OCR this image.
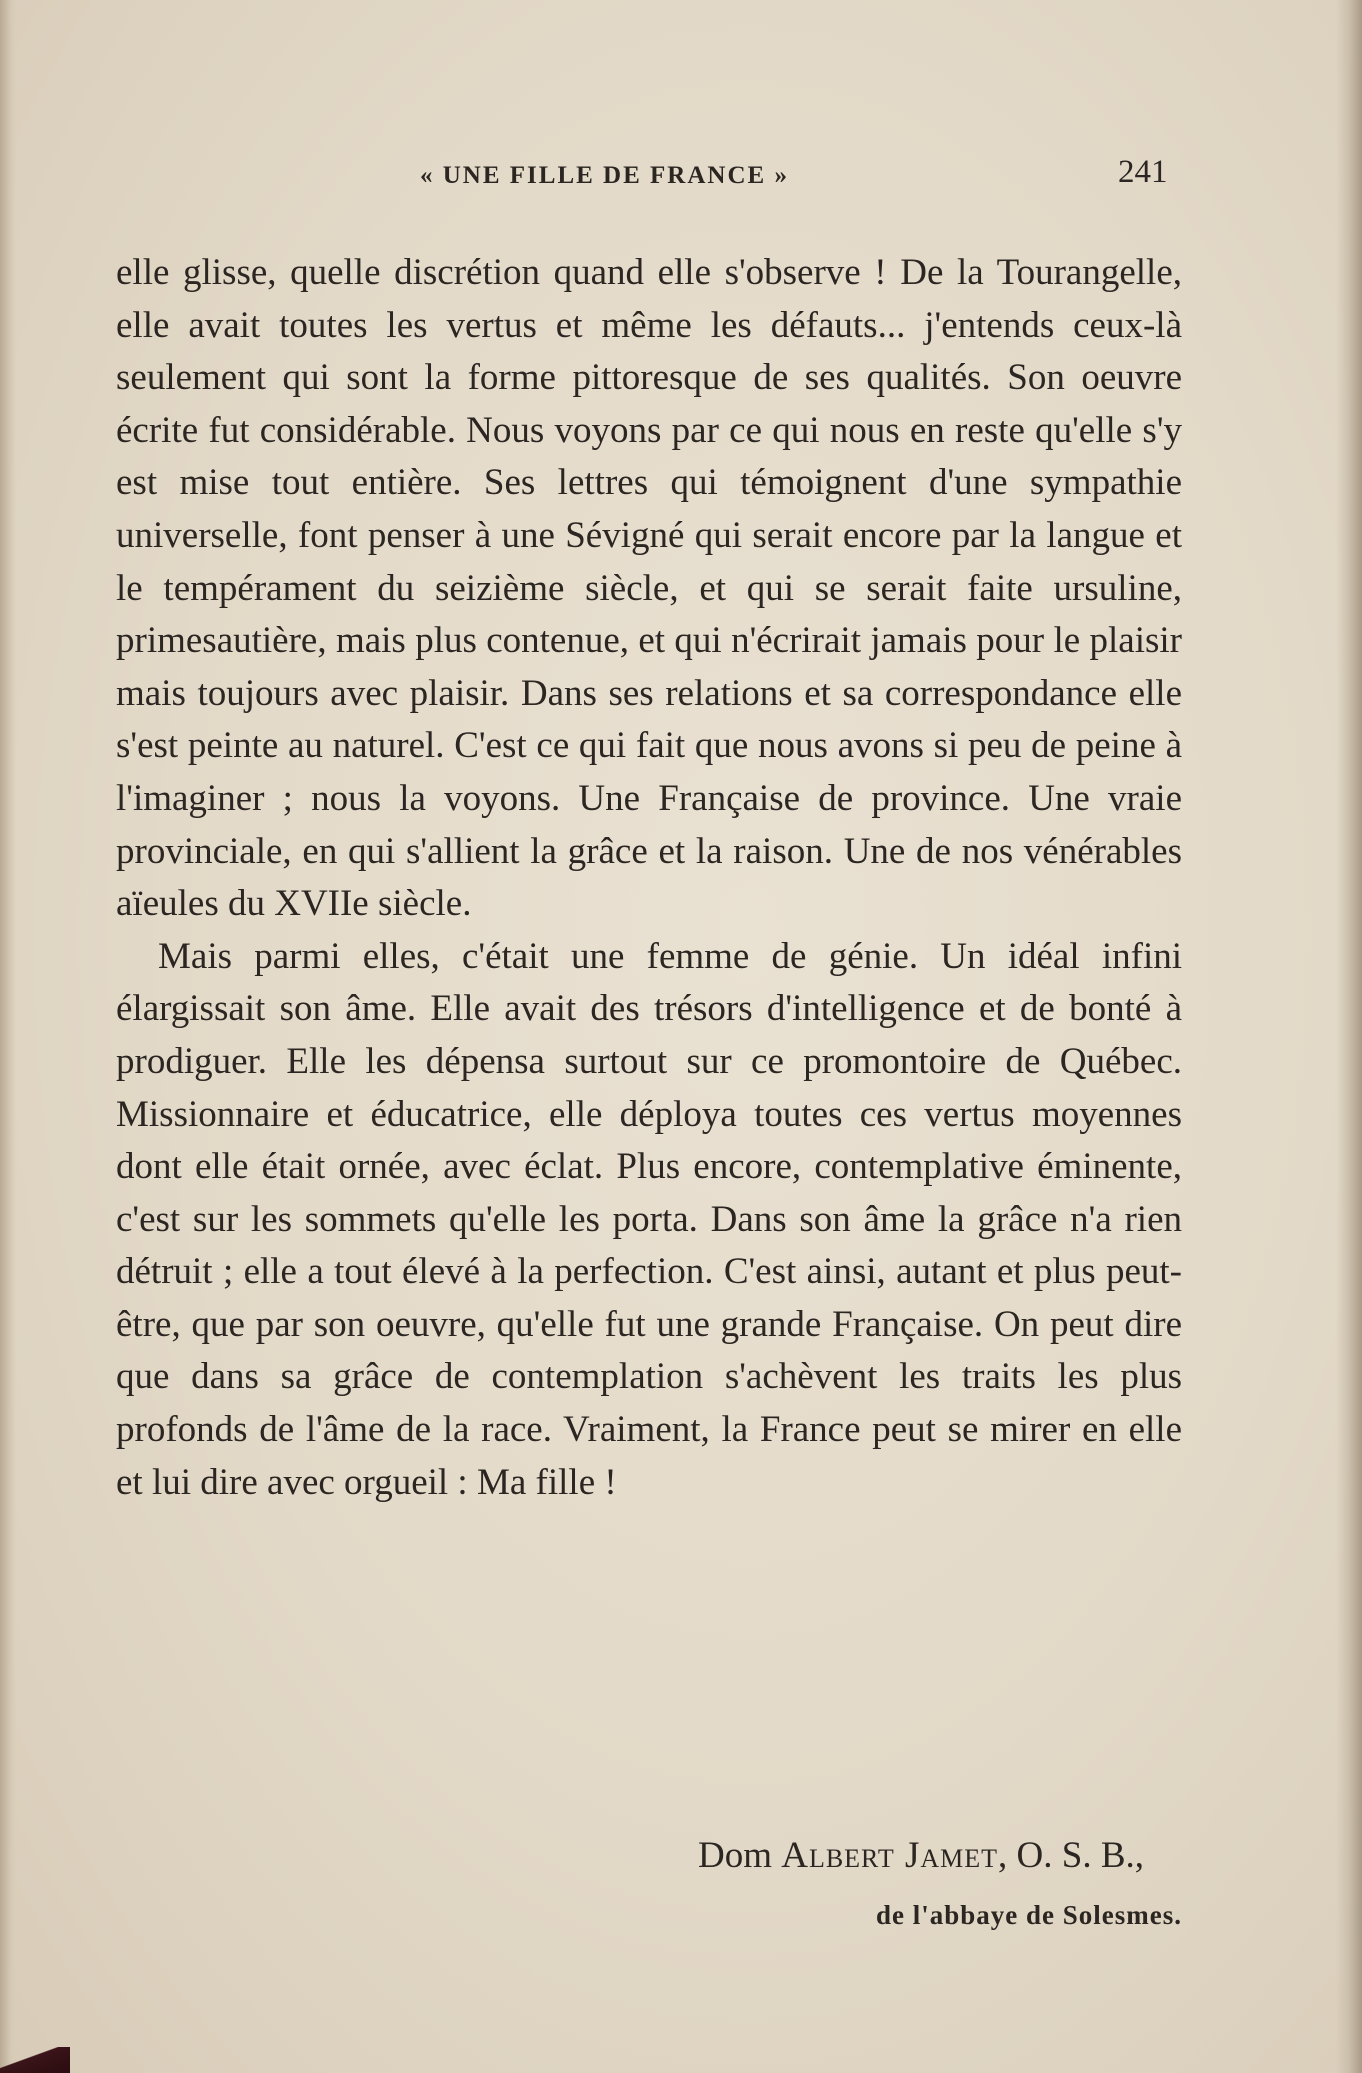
« UNE FILLE DE FRANCE »	241

elle glisse, quelle discrétion quand elle s'observe ! De la Tourangelle, elle avait toutes les vertus et même les défauts... j'entends ceux-là seulement qui sont la forme pittoresque de ses qualités. Son oeuvre écrite fut considérable. Nous voyons par ce qui nous en reste qu'elle s'y est mise tout entière. Ses lettres qui témoignent d'une sympathie universelle, font penser à une Sévigné qui serait encore par la langue et le tempérament du seizième siècle, et qui se serait faite ursuline, primesautière, mais plus contenue, et qui n'écrirait jamais pour le plaisir mais toujours avec plaisir. Dans ses relations et sa correspondance elle s'est peinte au naturel. C'est ce qui fait que nous avons si peu de peine à l'imaginer ; nous la voyons. Une Française de province. Une vraie provinciale, en qui s'allient la grâce et la raison. Une de nos vénérables aïeules du XVIIe siècle.

Mais parmi elles, c'était une femme de génie. Un idéal infini élargissait son âme. Elle avait des trésors d'intelligence et de bonté à prodiguer. Elle les dépensa surtout sur ce promontoire de Québec. Missionnaire et éducatrice, elle déploya toutes ces vertus moyennes dont elle était ornée, avec éclat. Plus encore, contemplative éminente, c'est sur les sommets qu'elle les porta. Dans son âme la grâce n'a rien détruit ; elle a tout élevé à la perfection. C'est ainsi, autant et plus peut-être, que par son oeuvre, qu'elle fut une grande Française. On peut dire que dans sa grâce de contemplation s'achèvent les traits les plus profonds de l'âme de la race. Vraiment, la France peut se mirer en elle et lui dire avec orgueil : Ma fille !

Dom Albert Jamet, O. S. B.,
de l'abbaye de Solesmes.
